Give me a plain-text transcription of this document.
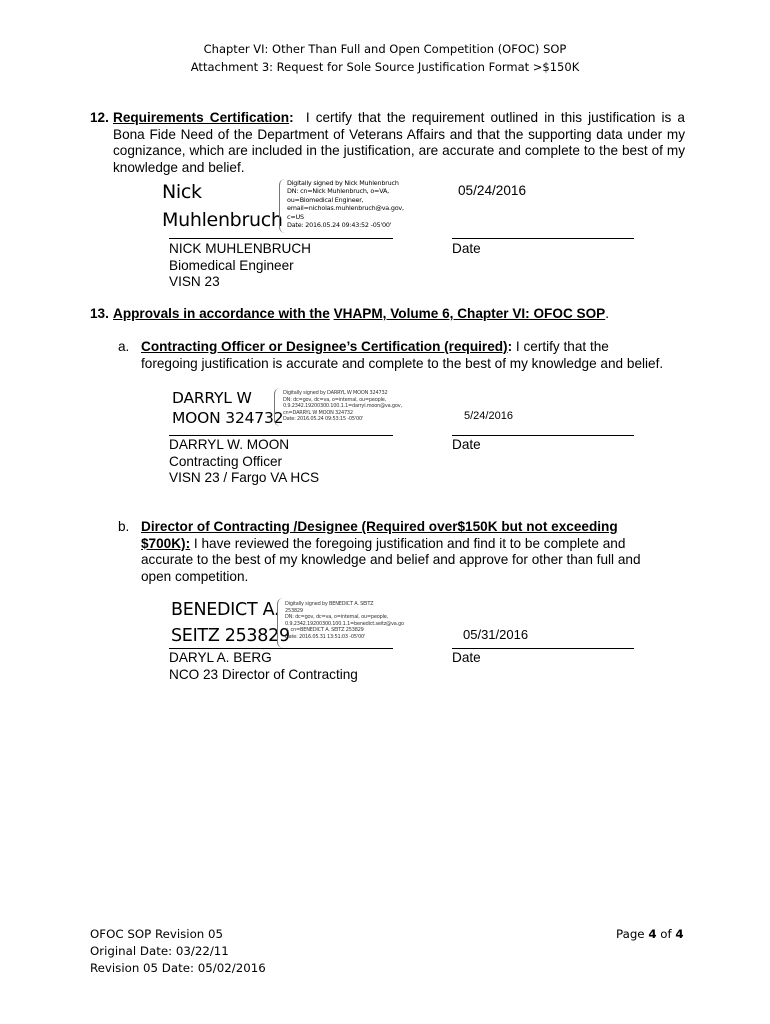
Chapter VI: Other Than Full and Open Competition (OFOC) SOP
Attachment 3: Request for Sole Source Justification Format >$150K
12. Requirements Certification: I certify that the requirement outlined in this justification is a Bona Fide Need of the Department of Veterans Affairs and that the supporting data under my cognizance, which are included in the justification, are accurate and complete to the best of my knowledge and belief.
Nick
Muhlenbruch
Digitally signed by Nick Muhlenbruch
DN: cn=Nick Muhlenbruch, o=VA,
ou=Biomedical Engineer,
email=nicholas.muhlenbruch@va.gov,
c=US
Date: 2016.05.24 09:43:52 -05'00'
05/24/2016
NICK MUHLENBRUCH
Biomedical Engineer
VISN 23
Date
13. Approvals in accordance with the VHAPM, Volume 6, Chapter VI: OFOC SOP.
a. Contracting Officer or Designee’s Certification (required): I certify that the
foregoing justification is accurate and complete to the best of my knowledge and belief.
DARRYL W
MOON 324732
Digitally signed by DARRYL W MOON 324732
DN: dc=gov, dc=va, o=internal, ou=people,
0.9.2342.19200300.100.1.1=darryl.moon@va.gov,
cn=DARRYL W MOON 324732
Date: 2016.05.24 09:53:15 -05'00'	5/24/2016
DARRYL W. MOON
Contracting Officer
VISN 23 / Fargo VA HCS
Date
b. Director of Contracting /Designee (Required over$150K but not exceeding
$700K): I have reviewed the foregoing justification and find it to be complete and
accurate to the best of my knowledge and belief and approve for other than full and
open competition.
BENEDICT A.
SEITZ 253829
Digitally signed by BENEDICT A. SEITZ
253829
DN: dc=gov, dc=va, o=internal, ou=people,
0.9.2342.19200300.100.1.1=benedict.seitz@va.go
v, cn=BENEDICT A. SEITZ 253829
Date: 2016.05.31 13:51:03 -05'00'	05/31/2016
DARYL A. BERG
NCO 23 Director of Contracting
Date
OFOC SOP Revision 05
Original Date: 03/22/11
Revision 05 Date: 05/02/2016
Page 4 of 4
